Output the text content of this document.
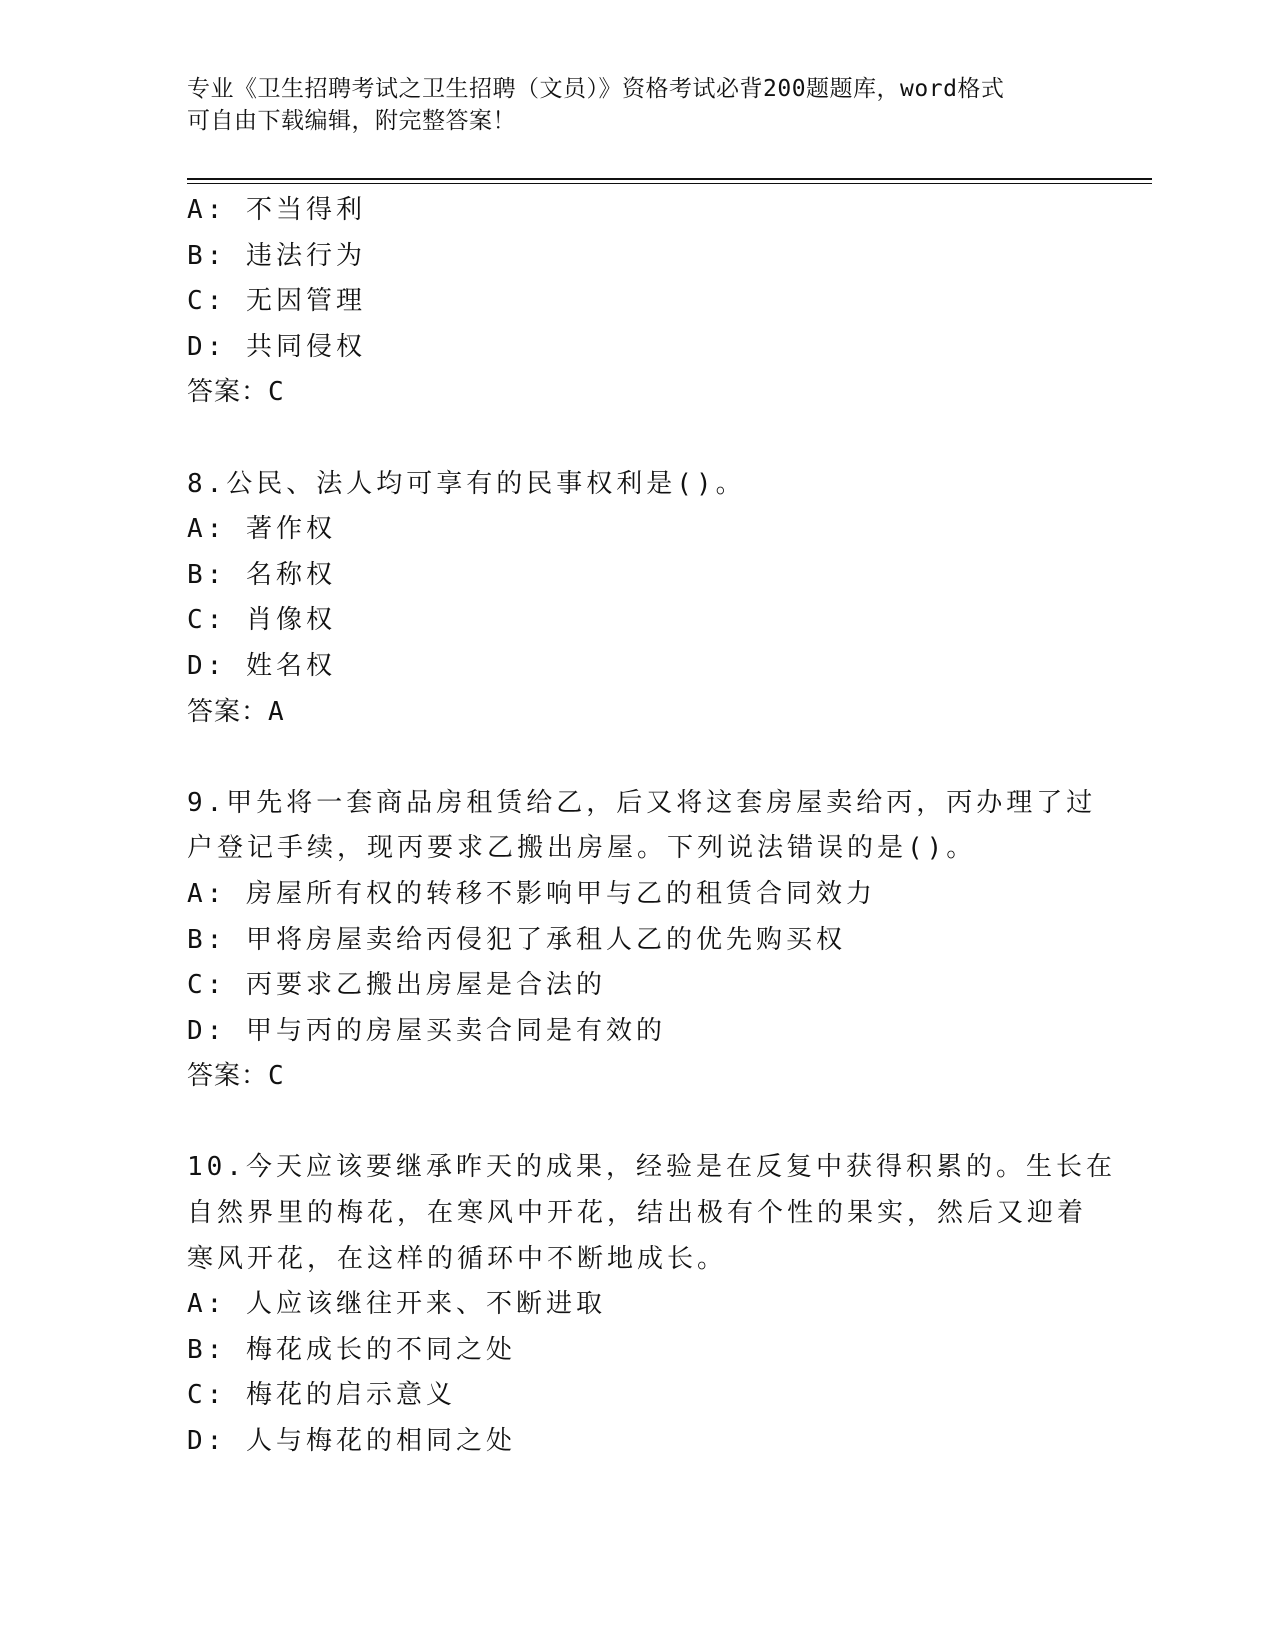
专业《卫生招聘考试之卫生招聘（文员）》资格考试必背200题题库，word格式
可自由下载编辑，附完整答案！
A: 不当得利
B: 违法行为
C: 无因管理
D: 共同侵权
答案：C
8.公民、法人均可享有的民事权利是()。
A: 著作权
B: 名称权
C: 肖像权
D: 姓名权
答案：A
9.甲先将一套商品房租赁给乙，后又将这套房屋卖给丙，丙办理了过
户登记手续，现丙要求乙搬出房屋。下列说法错误的是()。
A: 房屋所有权的转移不影响甲与乙的租赁合同效力
B: 甲将房屋卖给丙侵犯了承租人乙的优先购买权
C: 丙要求乙搬出房屋是合法的
D: 甲与丙的房屋买卖合同是有效的
答案：C
10.今天应该要继承昨天的成果，经验是在反复中获得积累的。生长在
自然界里的梅花，在寒风中开花，结出极有个性的果实，然后又迎着
寒风开花，在这样的循环中不断地成长。
A: 人应该继往开来、不断进取
B: 梅花成长的不同之处
C: 梅花的启示意义
D: 人与梅花的相同之处
